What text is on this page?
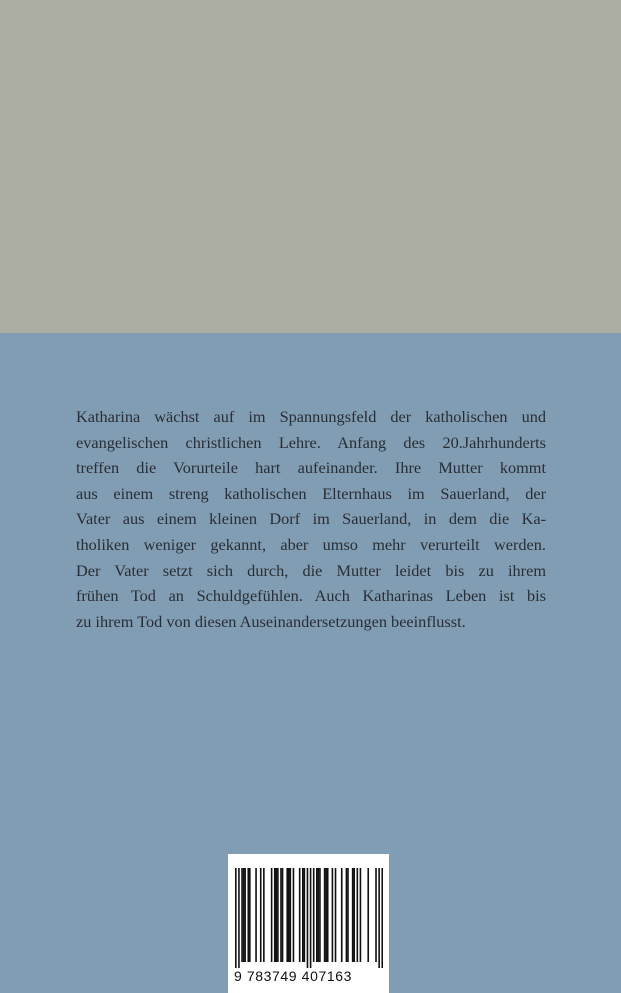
Katharina wächst auf im Spannungsfeld der katholischen und
evangelischen christlichen Lehre. Anfang des 20.Jahrhunderts
treffen die Vorurteile hart aufeinander. Ihre Mutter kommt
aus einem streng katholischen Elternhaus im Sauerland, der
Vater aus einem kleinen Dorf im Sauerland, in dem die Ka-
tholiken weniger gekannt, aber umso mehr verurteilt werden.
Der Vater setzt sich durch, die Mutter leidet bis zu ihrem
frühen Tod an Schuldgefühlen. Auch Katharinas Leben ist bis
zu ihrem Tod von diesen Auseinandersetzungen beeinflusst.
9 783749 407163
